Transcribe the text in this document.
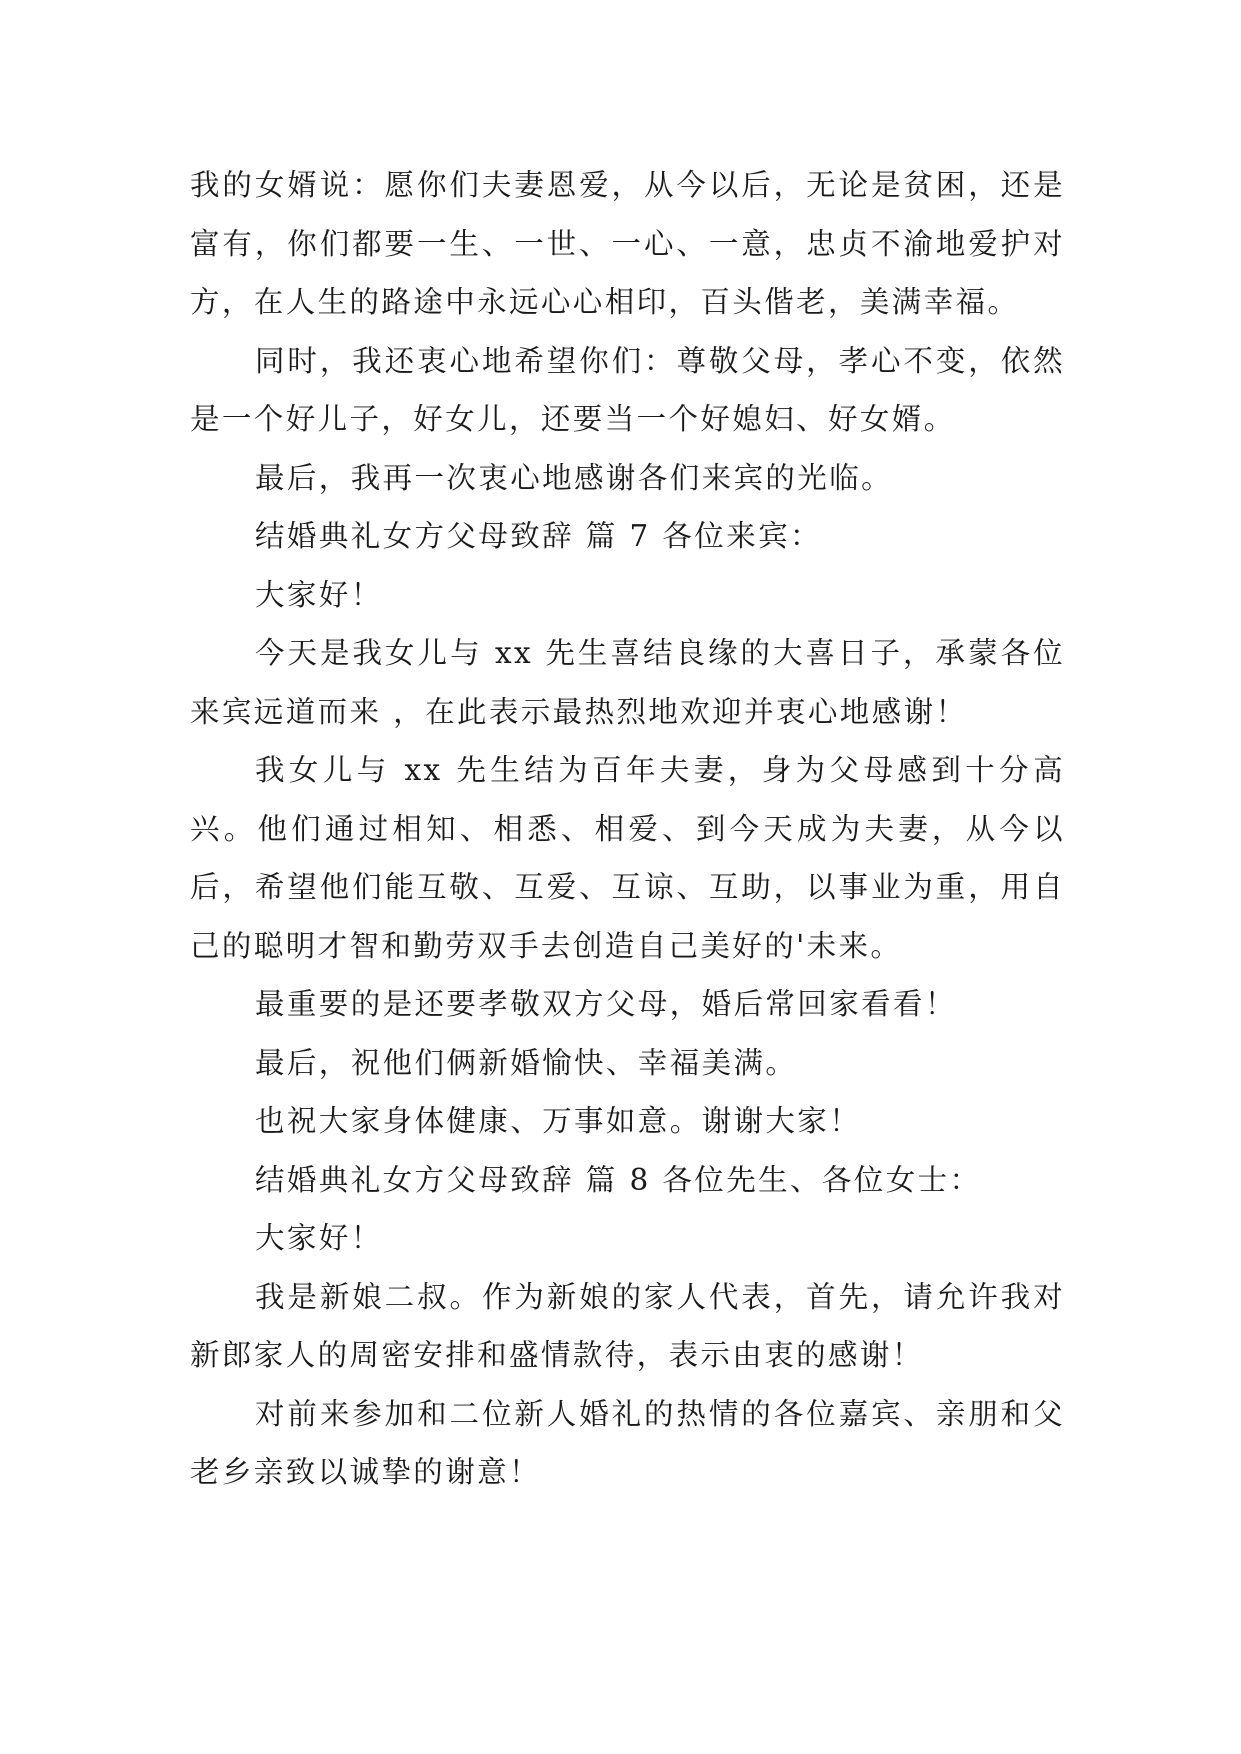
我的女婿说：愿你们夫妻恩爱，从今以后，无论是贫困，还是富有，你们都要一生、一世、一心、一意，忠贞不渝地爱护对方，在人生的路途中永远心心相印，百头偕老，美满幸福。

同时，我还衷心地希望你们：尊敬父母，孝心不变，依然是一个好儿子，好女儿，还要当一个好媳妇、好女婿。

最后，我再一次衷心地感谢各们来宾的光临。

结婚典礼女方父母致辞 篇 7 各位来宾：

大家好！

今天是我女儿与 xx 先生喜结良缘的大喜日子，承蒙各位来宾远道而来 ，在此表示最热烈地欢迎并衷心地感谢！

我女儿与 xx 先生结为百年夫妻，身为父母感到十分高兴。他们通过相知、相悉、相爱、到今天成为夫妻，从今以后，希望他们能互敬、互爱、互谅、互助，以事业为重，用自己的聪明才智和勤劳双手去创造自己美好的'未来。

最重要的是还要孝敬双方父母，婚后常回家看看！

最后，祝他们俩新婚愉快、幸福美满。

也祝大家身体健康、万事如意。谢谢大家！

结婚典礼女方父母致辞 篇 8 各位先生、各位女士：

大家好！

我是新娘二叔。作为新娘的家人代表，首先，请允许我对新郎家人的周密安排和盛情款待，表示由衷的感谢！

对前来参加和二位新人婚礼的热情的各位嘉宾、亲朋和父老乡亲致以诚挚的谢意！
